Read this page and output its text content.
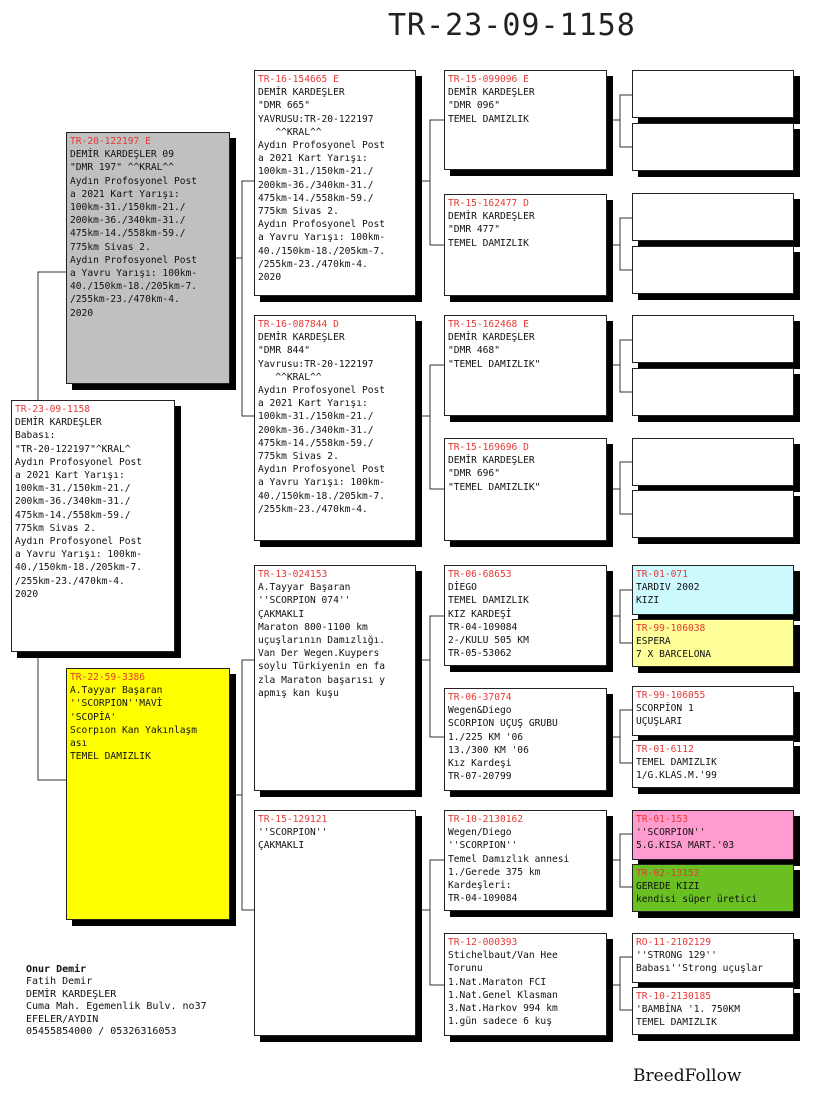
TR-23-09-1158
TR-23-09-1158
DEMİR KARDEŞLER
Babası:
"TR-20-122197"^KRAL^
Aydın Profosyonel Post
a 2021 Kart Yarışı:
100km-31./150km-21./
200km-36./340km-31./
475km-14./558km-59./
775km Sivas 2.
Aydın Profosyonel Post
a Yavru Yarışı: 100km-
40./150km-18./205km-7.
/255km-23./470km-4.
2020
TR-20-122197 E
DEMİR KARDEŞLER 09
"DMR 197" ^^KRAL^^
Aydın Profosyonel Post
a 2021 Kart Yarışı:
100km-31./150km-21./
200km-36./340km-31./
475km-14./558km-59./
775km Sivas 2.
Aydın Profosyonel Post
a Yavru Yarışı: 100km-
40./150km-18./205km-7.
/255km-23./470km-4.
2020
TR-22-59-3386
A.Tayyar Başaran
''SCORPION''MAVİ
'SCOPİA'
Scorpıon Kan Yakınlaşm
ası
TEMEL DAMIZLIK
TR-16-154665 E
DEMİR KARDEŞLER
"DMR 665"
YAVRUSU:TR-20-122197
^^KRAL^^
Aydın Profosyonel Post
a 2021 Kart Yarışı:
100km-31./150km-21./
200km-36./340km-31./
475km-14./558km-59./
775km Sivas 2.
Aydın Profosyonel Post
a Yavru Yarışı: 100km-
40./150km-18./205km-7.
/255km-23./470km-4.
2020
TR-16-087844 D
DEMİR KARDEŞLER
"DMR 844"
Yavrusu:TR-20-122197
^^KRAL^^
Aydın Profosyonel Post
a 2021 Kart Yarışı:
100km-31./150km-21./
200km-36./340km-31./
475km-14./558km-59./
775km Sivas 2.
Aydın Profosyonel Post
a Yavru Yarışı: 100km-
40./150km-18./205km-7.
/255km-23./470km-4.
TR-13-024153
A.Tayyar Başaran
''SCORPION 074''
ÇAKMAKLI
Maraton 800-1100 km
uçuşlarının Damızlığı.
Van Der Wegen.Kuypers
soylu Türkiyenin en fa
zla Maraton başarısı y
apmış kan kuşu
TR-15-129121
''SCORPION''
ÇAKMAKLI
TR-15-099096 E
DEMİR KARDEŞLER
"DMR 096"
TEMEL DAMIZLIK
TR-15-162477 D
DEMİR KARDEŞLER
"DMR 477"
TEMEL DAMIZLIK
TR-15-162468 E
DEMİR KARDEŞLER
"DMR 468"
"TEMEL DAMIZLIK"
TR-15-169696 D
DEMİR KARDEŞLER
"DMR 696"
"TEMEL DAMIZLIK"
TR-06-68653
DİEGO
TEMEL DAMIZLIK
KIZ KARDEŞİ
TR-04-109084
2-/KULU 505 KM
TR-05-53062
TR-06-37074
Wegen&Diego
SCORPION UÇUŞ GRUBU
1./225 KM '06
13./300 KM '06
Kız Kardeşi
TR-07-20799
TR-10-2130162
Wegen/Diego
''SCORPION''
Temel Damızlık annesi
1./Gerede 375 km
Kardeşleri:
TR-04-109084
TR-12-000393
Stichelbaut/Van Hee
Torunu
1.Nat.Maraton FCI
1.Nat.Genel Klasman
3.Nat.Harkov 994 km
1.gün sadece 6 kuş
TR-01-071
TARDIV 2002
KIZI
TR-99-106038
ESPERA
7 X BARCELONA
TR-99-106055
SCORPİON 1
UÇUŞLARI
TR-01-6112
TEMEL DAMIZLIK
1/G.KLAS.M.'99
TR-01-153
''SCORPION''
5.G.KISA MART.'03
TR-02-13152
GEREDE KIZI
kendisi süper üretici
RO-11-2102129
''STRONG 129''
Babası''Strong uçuşlar
TR-10-2130185
'BAMBİNA '1. 750KM
TEMEL DAMIZLIK
Onur Demir
Fatih Demir
DEMİR KARDEŞLER
Cuma Mah. Egemenlik Bulv. no37
EFELER/AYDIN
05455854000 / 05326316053
BreedFollow
